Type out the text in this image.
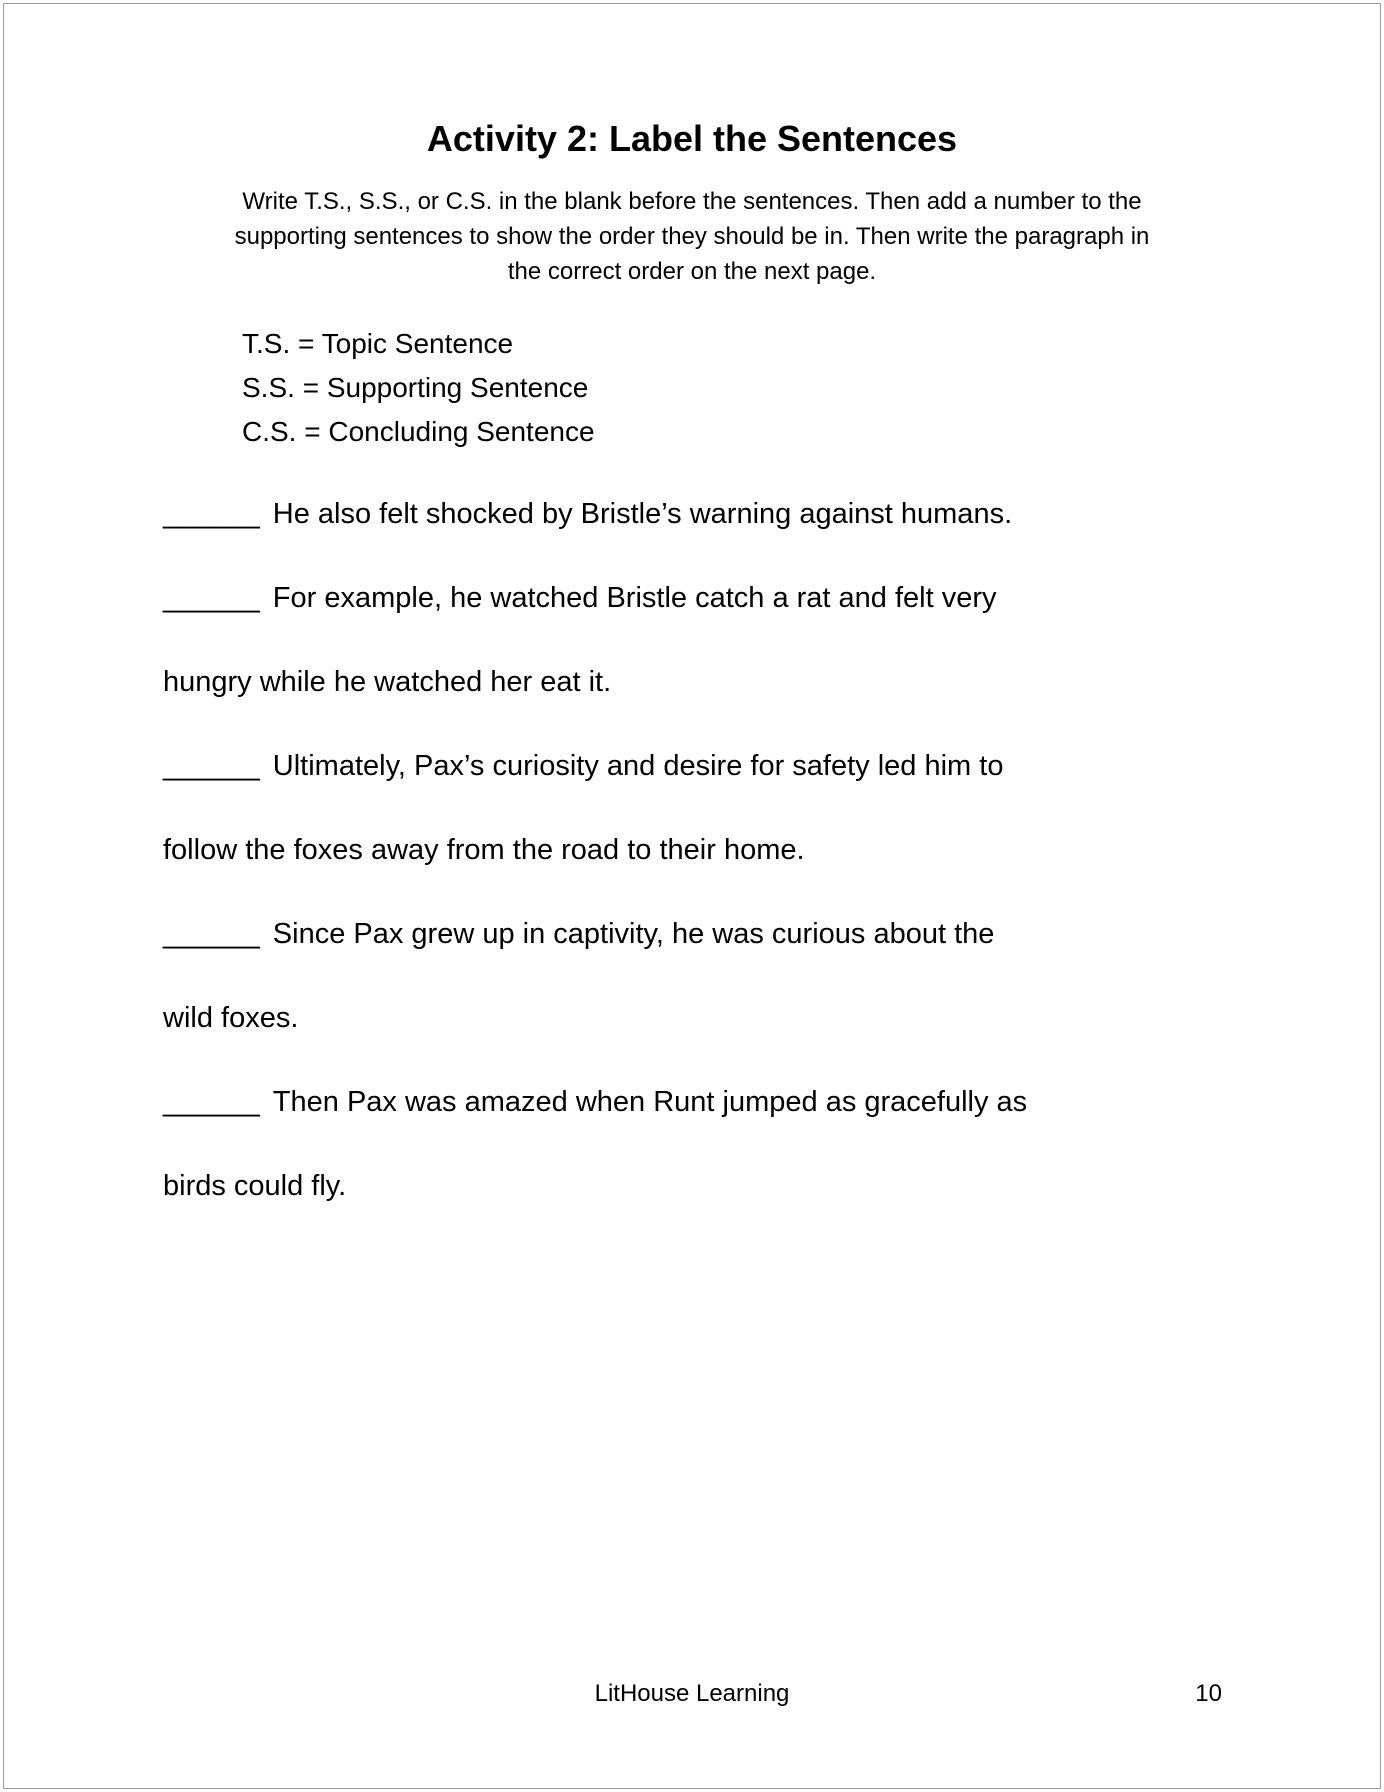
Activity 2: Label the Sentences
Write T.S., S.S., or C.S. in the blank before the sentences. Then add a number to the
supporting sentences to show the order they should be in. Then write the paragraph in
the correct order on the next page.
T.S. = Topic Sentence
S.S. = Supporting Sentence
C.S. = Concluding Sentence
______ He also felt shocked by Bristle’s warning against humans.
______ For example, he watched Bristle catch a rat and felt very
hungry while he watched her eat it.
______ Ultimately, Pax’s curiosity and desire for safety led him to
follow the foxes away from the road to their home.
______ Since Pax grew up in captivity, he was curious about the
wild foxes.
______ Then Pax was amazed when Runt jumped as gracefully as
birds could fly.
LitHouse Learning	10
